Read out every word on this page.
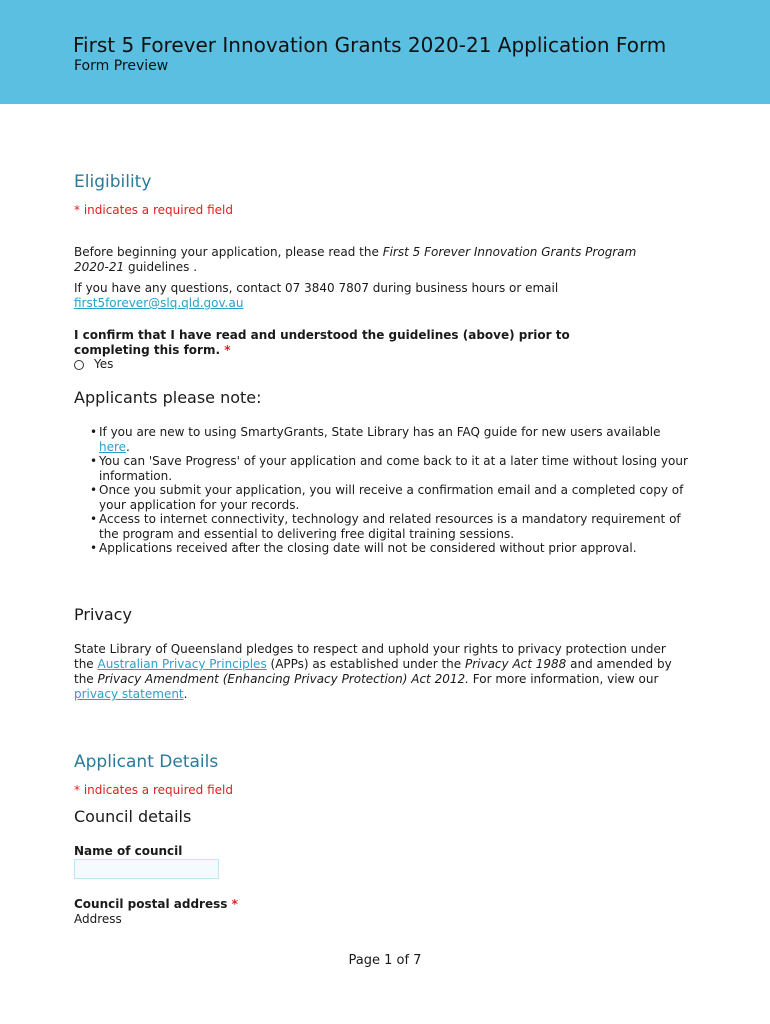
First 5 Forever Innovation Grants 2020-21 Application Form
Form Preview
Eligibility
* indicates a required field
Before beginning your application, please read the First 5 Forever Innovation Grants Program 2020-21 guidelines .
If you have any questions, contact 07 3840 7807 during business hours or email
first5forever@slq.qld.gov.au
I confirm that I have read and understood the guidelines (above) prior to completing this form. *
Yes
Applicants please note:
• If you are new to using SmartyGrants, State Library has an FAQ guide for new users available here.
• You can 'Save Progress' of your application and come back to it at a later time without losing your information.
• Once you submit your application, you will receive a confirmation email and a completed copy of your application for your records.
• Access to internet connectivity, technology and related resources is a mandatory requirement of the program and essential to delivering free digital training sessions.
• Applications received after the closing date will not be considered without prior approval.
Privacy
State Library of Queensland pledges to respect and uphold your rights to privacy protection under the Australian Privacy Principles (APPs) as established under the Privacy Act 1988 and amended by the Privacy Amendment (Enhancing Privacy Protection) Act 2012. For more information, view our privacy statement.
Applicant Details
* indicates a required field
Council details
Name of council
Council postal address *
Address
Page 1 of 7
